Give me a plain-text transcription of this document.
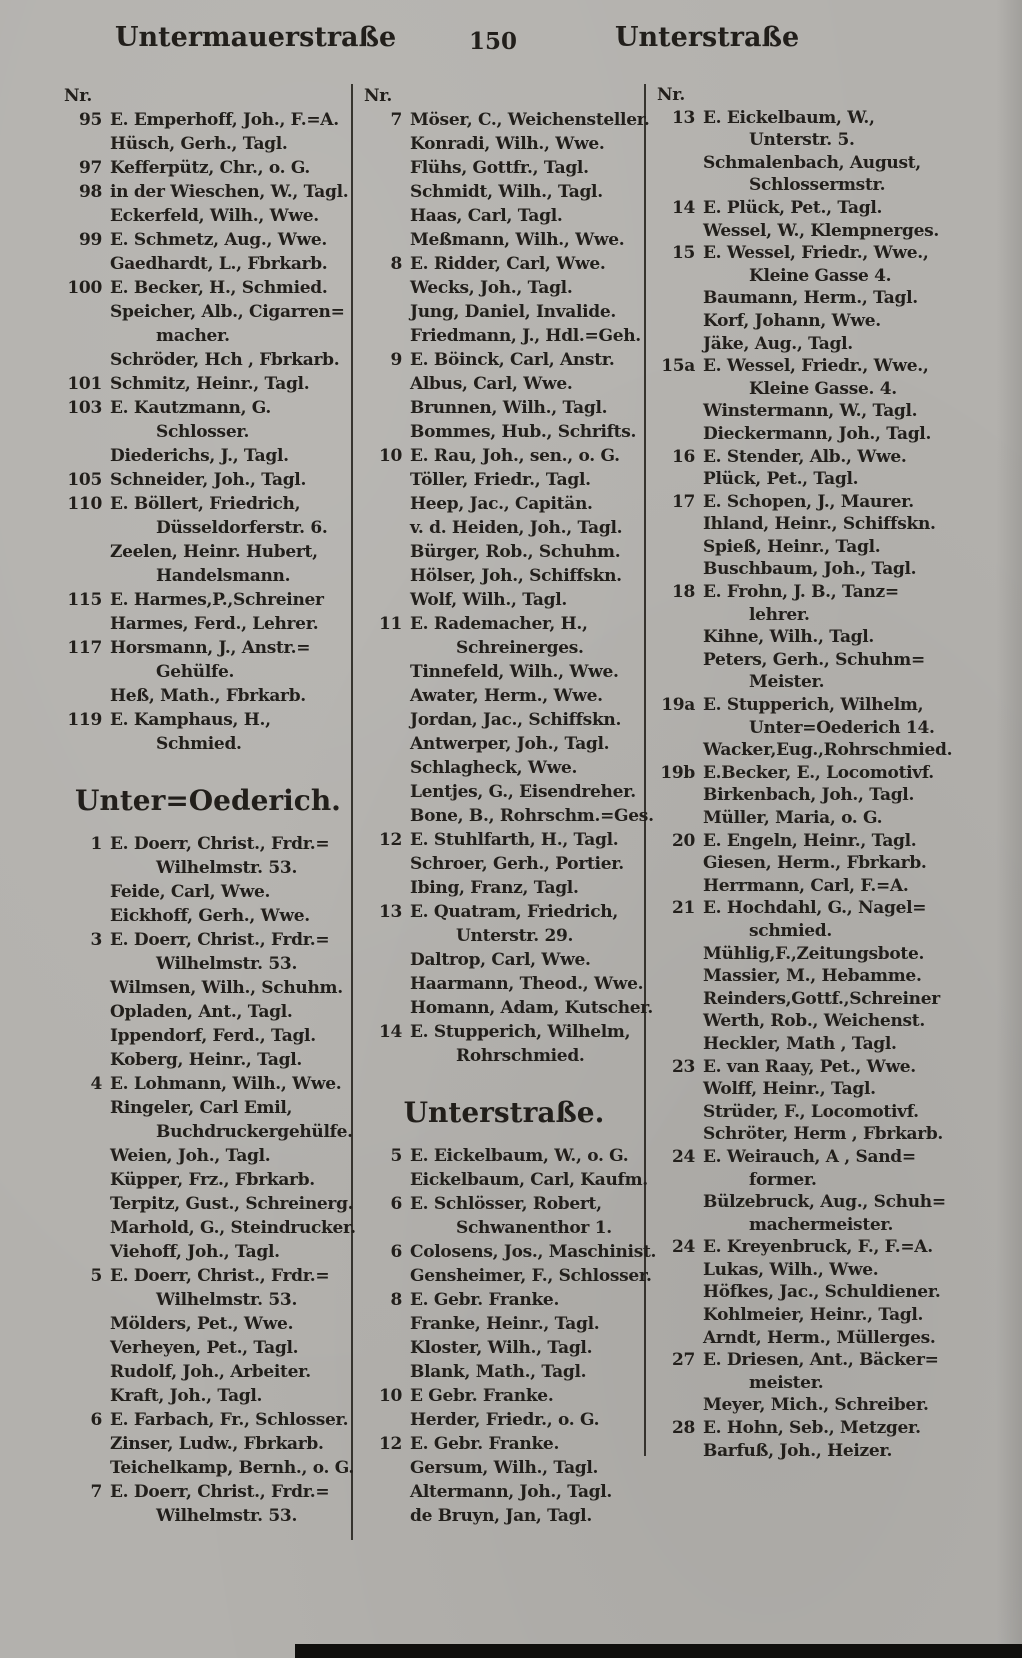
Untermauerstraße	150	Unterstraße
Nr.
95 E. Emperhoff, Joh., F.=A.
Hüsch, Gerh., Tagl.
97 Kefferpütz, Chr., o. G.
98 in der Wieschen, W., Tagl.
Eckerfeld, Wilh., Wwe.
99 E. Schmetz, Aug., Wwe.
Gaedhardt, L., Fbrkarb.
100 E. Becker, H., Schmied.
Speicher, Alb., Cigarren=
macher.
Schröder, Hch , Fbrkarb.
101 Schmitz, Heinr., Tagl.
103 E. Kautzmann, G.
Schlosser.
Diederichs, J., Tagl.
105 Schneider, Joh., Tagl.
110 E. Böllert, Friedrich,
Düsseldorferstr. 6.
Zeelen, Heinr. Hubert,
Handelsmann.
115 E. Harmes,P.,Schreiner
Harmes, Ferd., Lehrer.
117 Horsmann, J., Anstr.=
Gehülfe.
Heß, Math., Fbrkarb.
119 E. Kamphaus, H.,
Schmied.
Unter=Oederich.
1 E. Doerr, Christ., Frdr.=
Wilhelmstr. 53.
Feide, Carl, Wwe.
Eickhoff, Gerh., Wwe.
3 E. Doerr, Christ., Frdr.=
Wilhelmstr. 53.
Wilmsen, Wilh., Schuhm.
Opladen, Ant., Tagl.
Ippendorf, Ferd., Tagl.
Koberg, Heinr., Tagl.
4 E. Lohmann, Wilh., Wwe.
Ringeler, Carl Emil,
Buchdruckergehülfe.
Weien, Joh., Tagl.
Küpper, Frz., Fbrkarb.
Terpitz, Gust., Schreinerg.
Marhold, G., Steindrucker.
Viehoff, Joh., Tagl.
5 E. Doerr, Christ., Frdr.=
Wilhelmstr. 53.
Mölders, Pet., Wwe.
Verheyen, Pet., Tagl.
Rudolf, Joh., Arbeiter.
Kraft, Joh., Tagl.
6 E. Farbach, Fr., Schlosser.
Zinser, Ludw., Fbrkarb.
Teichelkamp, Bernh., o. G.
7 E. Doerr, Christ., Frdr.=
Wilhelmstr. 53.
Nr.
7 Möser, C., Weichensteller.
Konradi, Wilh., Wwe.
Flühs, Gottfr., Tagl.
Schmidt, Wilh., Tagl.
Haas, Carl, Tagl.
Meßmann, Wilh., Wwe.
8 E. Ridder, Carl, Wwe.
Wecks, Joh., Tagl.
Jung, Daniel, Invalide.
Friedmann, J., Hdl.=Geh.
9 E. Böinck, Carl, Anstr.
Albus, Carl, Wwe.
Brunnen, Wilh., Tagl.
Bommes, Hub., Schrifts.
10 E. Rau, Joh., sen., o. G.
Töller, Friedr., Tagl.
Heep, Jac., Capitän.
v. d. Heiden, Joh., Tagl.
Bürger, Rob., Schuhm.
Hölser, Joh., Schiffskn.
Wolf, Wilh., Tagl.
11 E. Rademacher, H.,
Schreinerges.
Tinnefeld, Wilh., Wwe.
Awater, Herm., Wwe.
Jordan, Jac., Schiffskn.
Antwerper, Joh., Tagl.
Schlagheck, Wwe.
Lentjes, G., Eisendreher.
Bone, B., Rohrschm.=Ges.
12 E. Stuhlfarth, H., Tagl.
Schroer, Gerh., Portier.
Ibing, Franz, Tagl.
13 E. Quatram, Friedrich,
Unterstr. 29.
Daltrop, Carl, Wwe.
Haarmann, Theod., Wwe.
Homann, Adam, Kutscher.
14 E. Stupperich, Wilhelm,
Rohrschmied.
Unterstraße.
5 E. Eickelbaum, W., o. G.
Eickelbaum, Carl, Kaufm.
6 E. Schlösser, Robert,
Schwanenthor 1.
6 Colosens, Jos., Maschinist.
Gensheimer, F., Schlosser.
8 E. Gebr. Franke.
Franke, Heinr., Tagl.
Kloster, Wilh., Tagl.
Blank, Math., Tagl.
10 E Gebr. Franke.
Herder, Friedr., o. G.
12 E. Gebr. Franke.
Gersum, Wilh., Tagl.
Altermann, Joh., Tagl.
de Bruyn, Jan, Tagl.
Nr.
13 E. Eickelbaum, W.,
Unterstr. 5.
Schmalenbach, August,
Schlossermstr.
14 E. Plück, Pet., Tagl.
Wessel, W., Klempnerges.
15 E. Wessel, Friedr., Wwe.,
Kleine Gasse 4.
Baumann, Herm., Tagl.
Korf, Johann, Wwe.
Jäke, Aug., Tagl.
15a E. Wessel, Friedr., Wwe.,
Kleine Gasse. 4.
Winstermann, W., Tagl.
Dieckermann, Joh., Tagl.
16 E. Stender, Alb., Wwe.
Plück, Pet., Tagl.
17 E. Schopen, J., Maurer.
Ihland, Heinr., Schiffskn.
Spieß, Heinr., Tagl.
Buschbaum, Joh., Tagl.
18 E. Frohn, J. B., Tanz=
lehrer.
Kihne, Wilh., Tagl.
Peters, Gerh., Schuhm=
Meister.
19a E. Stupperich, Wilhelm,
Unter=Oederich 14.
Wacker,Eug.,Rohrschmied.
19b E.Becker, E., Locomotivf.
Birkenbach, Joh., Tagl.
Müller, Maria, o. G.
20 E. Engeln, Heinr., Tagl.
Giesen, Herm., Fbrkarb.
Herrmann, Carl, F.=A.
21 E. Hochdahl, G., Nagel=
schmied.
Mühlig,F.,Zeitungsbote.
Massier, M., Hebamme.
Reinders,Gottf.,Schreiner
Werth, Rob., Weichenst.
Heckler, Math , Tagl.
23 E. van Raay, Pet., Wwe.
Wolff, Heinr., Tagl.
Strüder, F., Locomotivf.
Schröter, Herm , Fbrkarb.
24 E. Weirauch, A , Sand=
former.
Bülzebruck, Aug., Schuh=
machermeister.
24 E. Kreyenbruck, F., F.=A.
Lukas, Wilh., Wwe.
Höfkes, Jac., Schuldiener.
Kohlmeier, Heinr., Tagl.
Arndt, Herm., Müllerges.
27 E. Driesen, Ant., Bäcker=
meister.
Meyer, Mich., Schreiber.
28 E. Hohn, Seb., Metzger.
Barfuß, Joh., Heizer.
